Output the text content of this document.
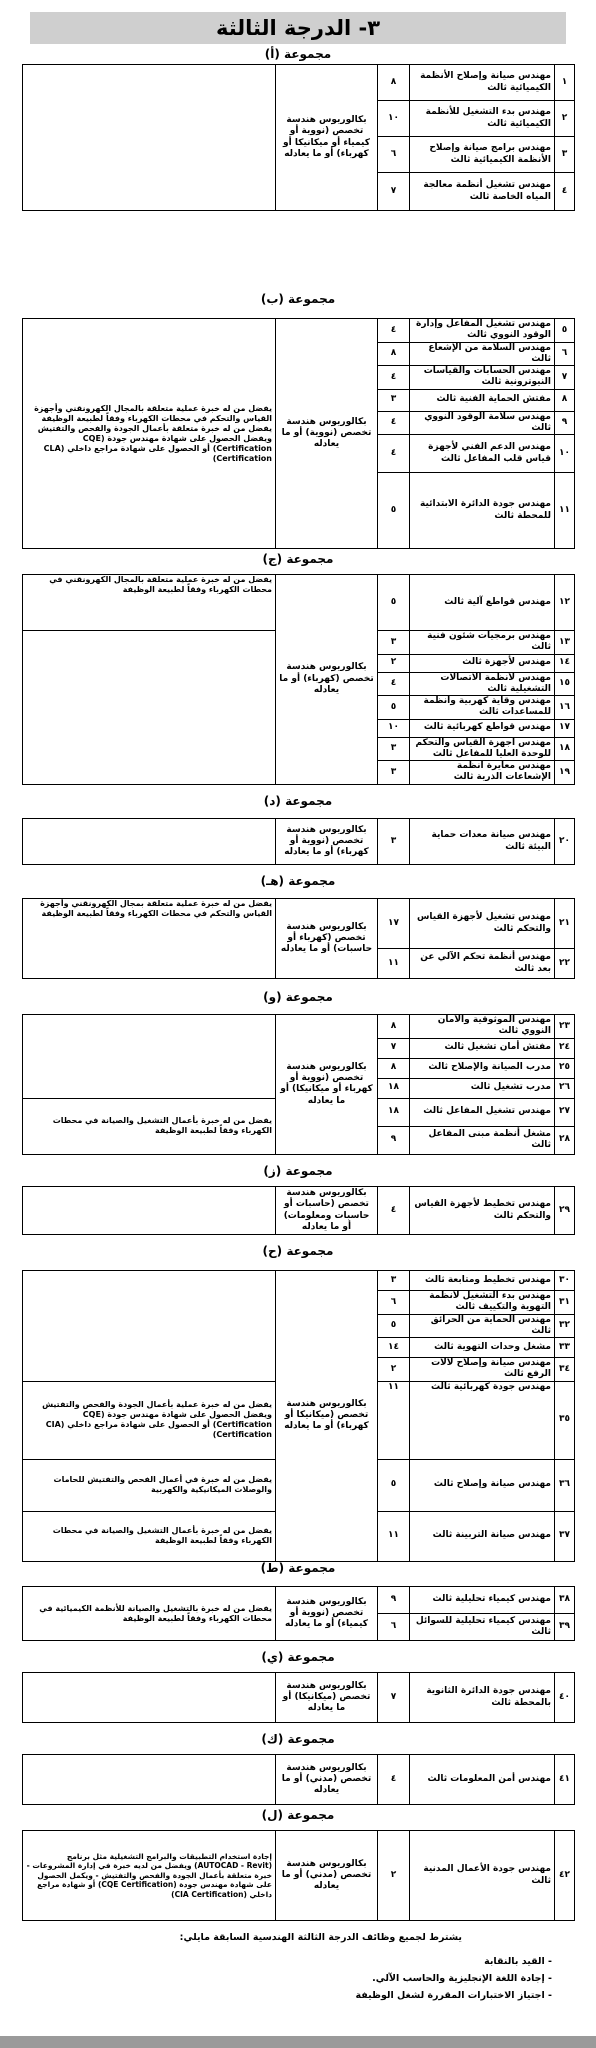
٣- الدرجة الثالثة
مجموعة (أ)
١	مهندس صيانة وإصلاح الأنظمة الكيميائية ثالث	٨	بكالوريوس هندسة تخصص (نووية أو كيمياء أو ميكانيكا أو كهرباء) أو ما يعادله	
٢	مهندس بدء التشغيل للأنظمة الكيميائية ثالث	١٠		
٣	مهندس برامج صيانة وإصلاح الأنظمة الكيميائية ثالث	٦		
٤	مهندس تشغيل أنظمة معالجة المياه الخاصة ثالث	٧		
مجموعة (ب)
٥	مهندس تشغيل المفاعل وإدارة الوقود النووي ثالث	٤	بكالوريوس هندسة تخصص (نووية) أو ما يعادله	يفضل من له خبرة عملية متعلقة بالمجال الكهرونقني وأجهزة القياس والتحكم في محطات الكهرباء وفقاً لطبيعة الوظيفة يفضل من له خبرة متعلقة بأعمال الجودة والفحص والتفتيش ويفضل الحصول على شهادة مهندس جودة (CQE Certification) أو الحصول على شهادة مراجع داخلي (CLA Certification)
٦	مهندس السلامة من الإشعاع ثالث	٨		
٧	مهندس الحسابات والقياسات النيوترونية ثالث	٤		
٨	مفتش الحماية الفنية ثالث	٣		
٩	مهندس سلامة الوقود النووي ثالث	٤		
١٠	مهندس الدعم الفني لأجهزة قياس قلب المفاعل ثالث	٤		
١١	مهندس جودة الدائرة الابتدائية للمحطة ثالث	٥		
مجموعة (ج)
١٢	مهندس قواطع آلية ثالث	٥	بكالوريوس هندسة تخصص (كهرباء) أو ما يعادله	يفضل من له خبرة عملية متعلقة بالمجال الكهرونقني في محطات الكهرباء وفقاً لطبيعة الوظيفة
١٣	مهندس برمجيات شئون فنية ثالث	٣		
١٤	مهندس لأجهزة ثالث	٢		
١٥	مهندس لأنظمة الاتصالات التشغيلية ثالث	٤		
١٦	مهندس وقاية كهربية وأنظمة للمساعدات ثالث	٥		
١٧	مهندس قواطع كهربائية ثالث	١٠		
١٨	مهندس أجهزة القياس والتحكم للوحدة العليا للمفاعل ثالث	٣		
١٩	مهندس معايرة أنظمة الإشعاعات الذرية ثالث	٣		
مجموعة (د)
٢٠	مهندس صيانة معدات حماية البيئة ثالث	٣	بكالوريوس هندسة تخصص (نووية أو كهرباء) أو ما يعادله	
مجموعة (هـ)
٢١	مهندس تشغيل لأجهزة القياس والتحكم ثالث	١٧	بكالوريوس هندسة تخصص (كهرباء أو حاسبات) أو ما يعادله	يفضل من له خبرة عملية متعلقة بمجال الكهرونقني وأجهزة القياس والتحكم في محطات الكهرباء وفقاً لطبيعة الوظيفة
٢٢	مهندس أنظمة تحكم الآلي عن بعد ثالث	١١		
مجموعة (و)
٢٣	مهندس الموثوقية والأمان النووي ثالث	٨	بكالوريوس هندسة تخصص (نووية أو كهرباء أو ميكانيكا) أو ما يعادله	
٢٤	مفتش أمان تشغيل ثالث	٧		
٢٥	مدرب الصيانة والإصلاح ثالث	٨		
٢٦	مدرب تشغيل ثالث	١٨		
٢٧	مهندس تشغيل المفاعل ثالث	١٨		يفضل من له خبرة بأعمال التشغيل والصيانة في محطات الكهرباء وفقاً لطبيعة الوظيفة
٢٨	مشغل أنظمة مبنى المفاعل ثالث	٩		
مجموعة (ز)
٢٩	مهندس تخطيط لأجهزة القياس والتحكم ثالث	٤	بكالوريوس هندسة تخصص (حاسبات أو حاسبات ومعلومات) أو ما يعادله	
مجموعة (ح)
٣٠	مهندس تخطيط ومتابعة ثالث	٣	بكالوريوس هندسة تخصص (ميكانيكا أو كهرباء) أو ما يعادله	
٣١	مهندس بدء التشغيل لأنظمة التهوية والتكييف ثالث	٦		
٣٢	مهندس الحماية من الحرائق ثالث	٥		
٣٣	مشغل وحدات التهوية ثالث	١٤		
٣٤	مهندس صيانة وإصلاح لآلات الرفع ثالث	٢		
٣٥	مهندس جودة كهربائية ثالث	١١		يفضل من له خبرة عملية بأعمال الجودة والفحص والتفتيش ويفضل الحصول على شهادة مهندس جودة (CQE Certification) أو الحصول على شهادة مراجع داخلي (CIA Certification)
٣٦	مهندس صيانة وإصلاح ثالث	٥		يفضل من له خبرة في أعمال الفحص والتفتيش للحامات والوصلات الميكانيكية والكهربية
٣٧	مهندس صيانة التربينة ثالث	١١		يفضل من له خبرة بأعمال التشغيل والصيانة في محطات الكهرباء وفقاً لطبيعة الوظيفة
مجموعة (ط)
٣٨	مهندس كيمياء تحليلية ثالث	٩	بكالوريوس هندسة تخصص (نووية أو كيمياء) أو ما يعادله	يفضل من له خبرة بالتشغيل والصيانة للأنظمة الكيميائية في محطات الكهرباء وفقاً لطبيعة الوظيفة
٣٩	مهندس كيمياء تحليلية للسوائل ثالث	٦		
مجموعة (ي)
٤٠	مهندس جودة الدائرة الثانوية بالمحطة ثالث	٧	بكالوريوس هندسة تخصص (ميكانيكا) أو ما يعادله	
مجموعة (ك)
٤١	مهندس أمن المعلومات ثالث	٤	بكالوريوس هندسة تخصص (مدني) أو ما يعادله	
مجموعة (ل)
٤٢	مهندس جودة الأعمال المدنية ثالث	٢	بكالوريوس هندسة تخصص (مدني) أو ما يعادله	إجادة استخدام التطبيقات والبرامج التشغيلية مثل برنامج (AUTOCAD - Revit) ويفضل من لديه خبرة في إدارة المشروعات - خبرة متعلقة بأعمال الجودة والفحص والتفتيش - ويكمل الحصول على شهادة مهندس جودة (CQE Certification) أو شهادة مراجع داخلي (CIA Certification)
يشترط لجميع وظائف الدرجة الثالثة الهندسية السابقة مايلي:
- القيد بالنقابة
- إجادة اللغة الإنجليزية والحاسب الآلي.
- اجتياز الاختبارات المقررة لشغل الوظيفة
